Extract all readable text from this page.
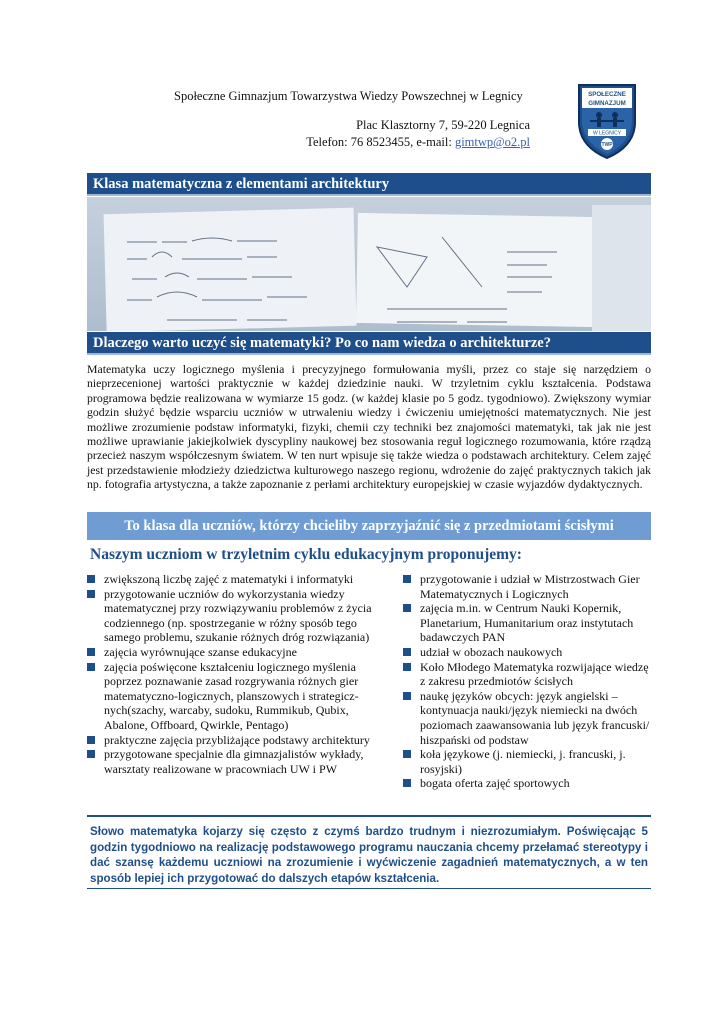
Społeczne Gimnazjum Towarzystwa Wiedzy Powszechnej w Legnicy
Plac Klasztorny 7, 59-220 Legnica
Telefon: 76 8523455, e-mail: gimtwp@o2.pl
SPOŁECZNE
GIMNAZJUM
W LEGNICY
TWP
Klasa matematyczna z elementami architektury
Dlaczego warto uczyć się matematyki? Po co nam wiedza o architekturze?
Matematyka uczy logicznego myślenia i precyzyjnego formułowania myśli, przez co staje się narzędziem o nieprzecenionej wartości praktycznie w każdej dziedzinie nauki. W trzyletnim cyklu kształcenia. Podstawa programowa będzie realizowana w wymiarze 15 godz. (w każdej klasie po 5 godz. tygodniowo). Zwiększony wymiar godzin służyć będzie wsparciu uczniów w utrwaleniu wiedzy i ćwiczeniu umiejętności matematycznych. Nie jest możliwe zrozumienie podstaw informatyki, fizyki, chemii czy techniki bez znajomości matematyki, tak jak nie jest możliwe uprawianie jakiejkolwiek dyscypliny naukowej bez stosowania reguł logicznego rozumowania, które rządzą przecież naszym współczesnym światem. W ten nurt wpisuje się także wiedza o podstawach architektury. Celem zajęć jest przedstawienie młodzieży dziedzictwa kulturowego naszego regionu, wdrożenie do zajęć praktycznych takich jak np. fotografia artystyczna, a także zapoznanie z perłami architektury europejskiej w czasie wyjazdów dydaktycznych.
To klasa dla uczniów, którzy chcieliby zaprzyjaźnić się z przedmiotami ścisłymi
Naszym uczniom w trzyletnim cyklu edukacyjnym proponujemy:
zwiększoną liczbę zajęć z matematyki i informatyki
przygotowanie uczniów do wykorzystania wiedzy matematycznej przy rozwiązywaniu problemów z życia codziennego (np. spostrzeganie w różny sposób tego samego problemu, szukanie różnych dróg rozwiązania)
zajęcia wyrównujące szanse edukacyjne
zajęcia poświęcone kształceniu logicznego myślenia poprzez poznawanie zasad rozgrywania różnych gier matematyczno-logicznych, planszowych i strategicz-nych(szachy, warcaby, sudoku, Rummikub, Qubix, Abalone, Offboard, Qwirkle, Pentago)
praktyczne zajęcia przybliżające podstawy architektury
przygotowane specjalnie dla gimnazjalistów wykłady, warsztaty realizowane w pracowniach UW i PW
przygotowanie i udział w Mistrzostwach Gier Matematycznych i Logicznych
zajęcia m.in. w Centrum Nauki Kopernik, Planetarium, Humanitarium oraz instytutach badawczych PAN
udział w obozach naukowych
Koło Młodego Matematyka rozwijające wiedzę z zakresu przedmiotów ścisłych
naukę języków obcych: język angielski – kontynuacja nauki/język niemiecki na dwóch poziomach zaawansowania lub język francuski/ hiszpański od podstaw
koła językowe (j. niemiecki, j. francuski, j. rosyjski)
bogata oferta zajęć sportowych
Słowo matematyka kojarzy się często z czymś bardzo trudnym i niezrozumiałym. Poświęcając 5 godzin tygodniowo na realizację podstawowego programu nauczania chcemy przełamać stereotypy i dać szansę każdemu uczniowi na zrozumienie i wyćwiczenie zagadnień matematycznych, a w ten sposób lepiej ich przygotować do dalszych etapów kształcenia.
